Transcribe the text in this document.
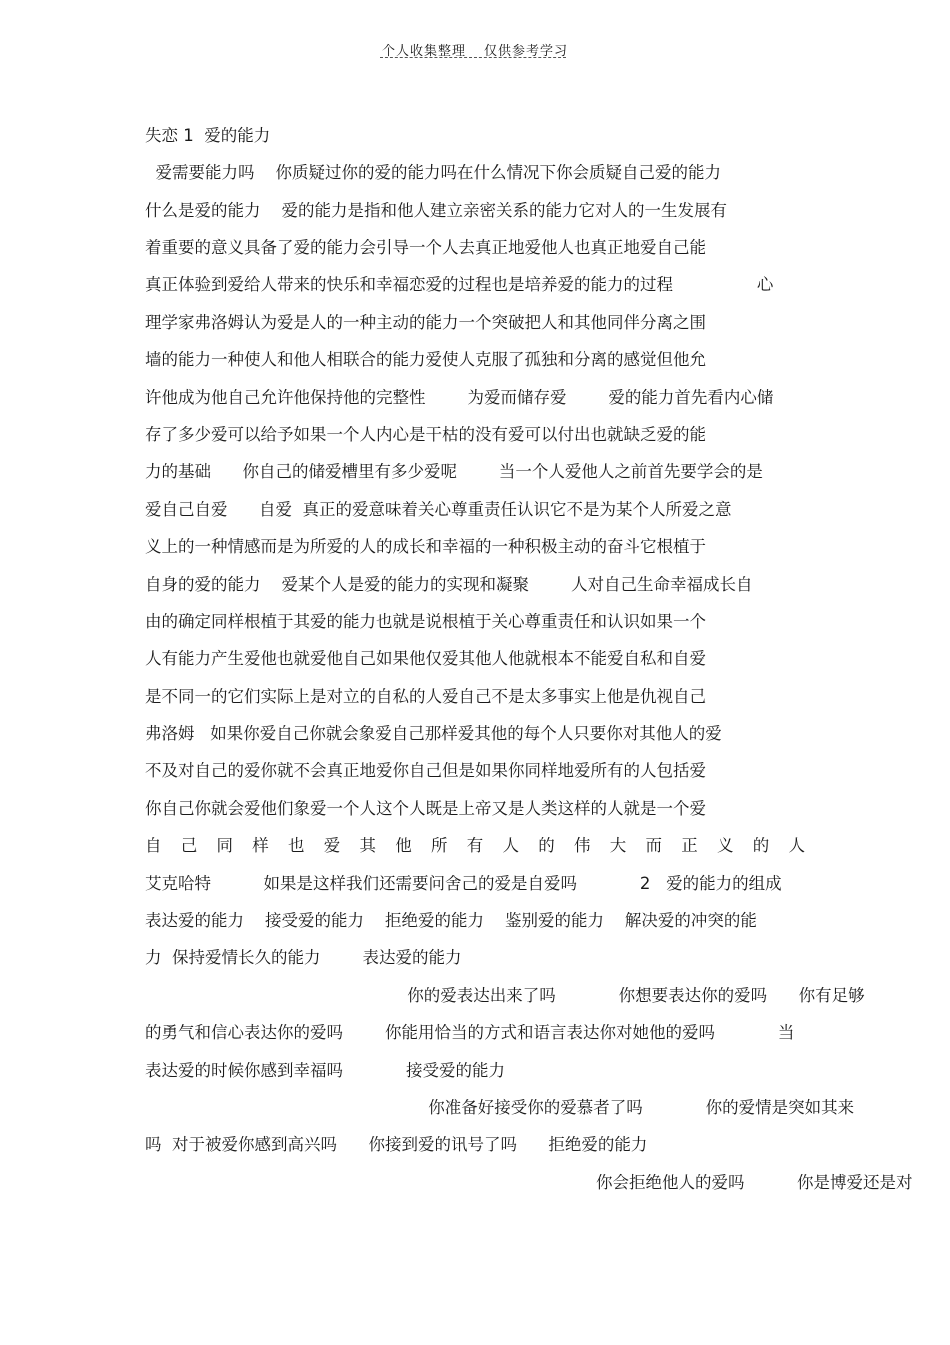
个人收集整理 仅供参考学习
失恋 1  爱的能力
爱需要能力吗    你质疑过你的爱的能力吗在什么情况下你会质疑自己爱的能力
什么是爱的能力    爱的能力是指和他人建立亲密关系的能力它对人的一生发展有
着重要的意义具备了爱的能力会引导一个人去真正地爱他人也真正地爱自己能
真正体验到爱给人带来的快乐和幸福恋爱的过程也是培养爱的能力的过程                心
理学家弗洛姆认为爱是人的一种主动的能力一个突破把人和其他同伴分离之围
墙的能力一种使人和他人相联合的能力爱使人克服了孤独和分离的感觉但他允
许他成为他自己允许他保持他的完整性        为爱而储存爱        爱的能力首先看内心储
存了多少爱可以给予如果一个人内心是干枯的没有爱可以付出也就缺乏爱的能
力的基础      你自己的储爱槽里有多少爱呢        当一个人爱他人之前首先要学会的是
爱自己自爱      自爱  真正的爱意味着关心尊重责任认识它不是为某个人所爱之意
义上的一种情感而是为所爱的人的成长和幸福的一种积极主动的奋斗它根植于
自身的爱的能力    爱某个人是爱的能力的实现和凝聚        人对自己生命幸福成长自
由的确定同样根植于其爱的能力也就是说根植于关心尊重责任和认识如果一个
人有能力产生爱他也就爱他自己如果他仅爱其他人他就根本不能爱自私和自爱
是不同一的它们实际上是对立的自私的人爱自己不是太多事实上他是仇视自己
弗洛姆   如果你爱自己你就会象爱自己那样爱其他的每个人只要你对其他人的爱
不及对自己的爱你就不会真正地爱你自己但是如果你同样地爱所有的人包括爱
你自己你就会爱他们象爱一个人这个人既是上帝又是人类这样的人就是一个爱
自 己 同 样 也 爱 其 他 所 有 人 的 伟 大 而 正 义 的 人
艾克哈特          如果是这样我们还需要问舍己的爱是自爱吗            2   爱的能力的组成
表达爱的能力    接受爱的能力    拒绝爱的能力    鉴别爱的能力    解决爱的冲突的能
力  保持爱情长久的能力        表达爱的能力
你的爱表达出来了吗            你想要表达你的爱吗      你有足够
的勇气和信心表达你的爱吗        你能用恰当的方式和语言表达你对她他的爱吗            当
表达爱的时候你感到幸福吗            接受爱的能力
你准备好接受你的爱慕者了吗            你的爱情是突如其来
吗  对于被爱你感到高兴吗      你接到爱的讯号了吗      拒绝爱的能力
你会拒绝他人的爱吗          你是博爱还是对
